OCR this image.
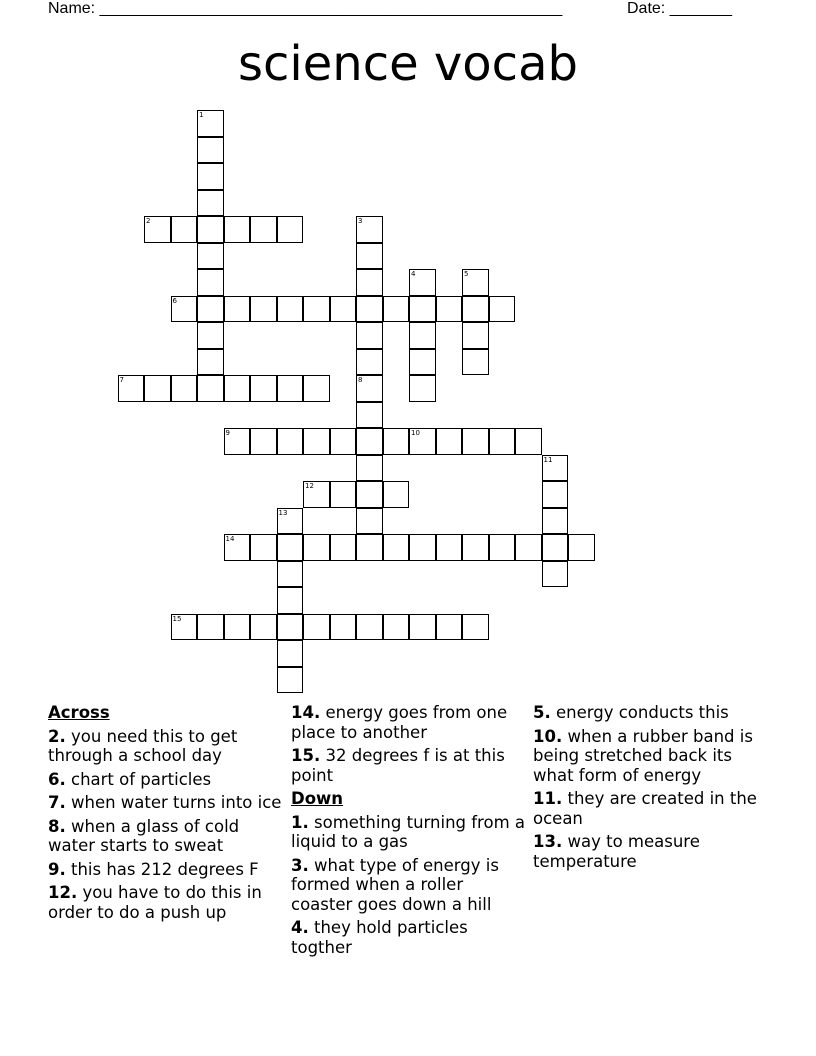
Name: ____________________________________________________	Date: _______
science vocab
1
2	3
8
4	5
6
7
9	10
11
12
13
14
15
Across
2. you need this to get through a school day
6. chart of particles
7. when water turns into ice
8. when a glass of cold water starts to sweat
9. this has 212 degrees F
12. you have to do this in order to do a push up
14. energy goes from one place to another
15. 32 degrees f is at this point
Down
1. something turning from a liquid to a gas
3. what type of energy is formed when a roller coaster goes down a hill
4. they hold particles togther
5. energy conducts this
10. when a rubber band is being stretched back its what form of energy
11. they are created in the ocean
13. way to measure temperature
